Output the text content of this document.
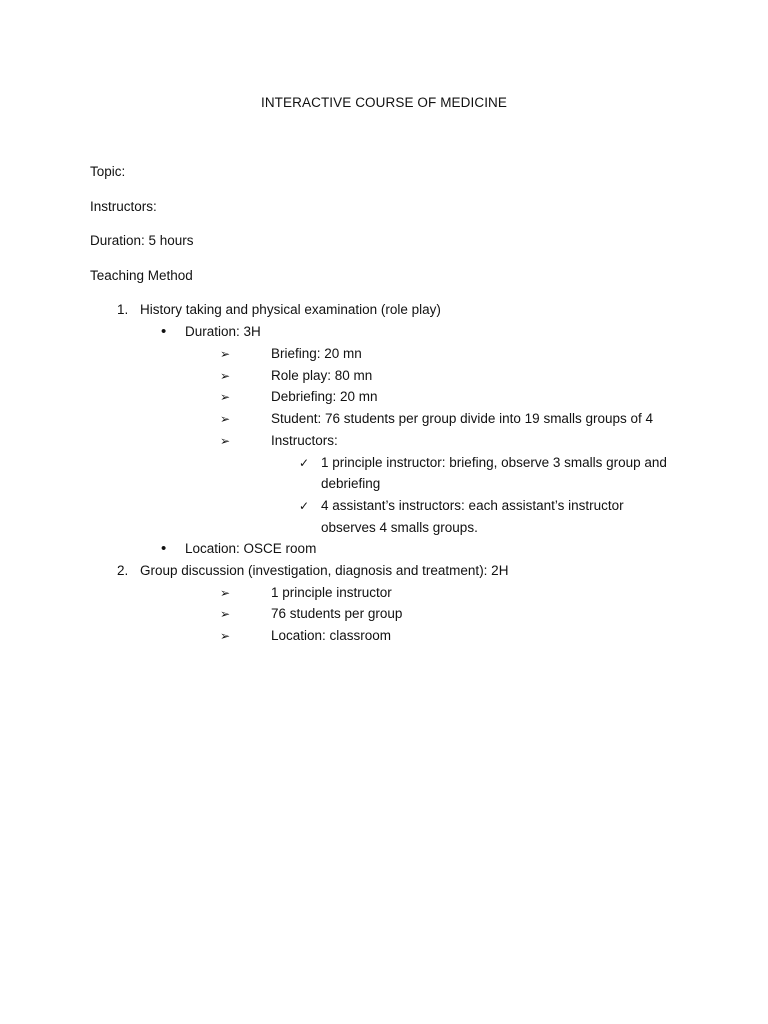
INTERACTIVE COURSE OF MEDICINE
Topic:
Instructors:
Duration: 5 hours
Teaching Method
1. History taking and physical examination (role play)
• Duration: 3H
➢	Briefing: 20 mn
➢	Role play: 80 mn
➢	Debriefing: 20 mn
➢	Student: 76 students per group divide into 19 smalls groups of 4
➢	Instructors:
✓ 1 principle instructor: briefing, observe 3 smalls group and
debriefing
✓ 4 assistant’s instructors: each assistant’s instructor
observes 4 smalls groups.
• Location: OSCE room
2. Group discussion (investigation, diagnosis and treatment): 2H
➢	1 principle instructor
➢	76 students per group
➢	Location: classroom
